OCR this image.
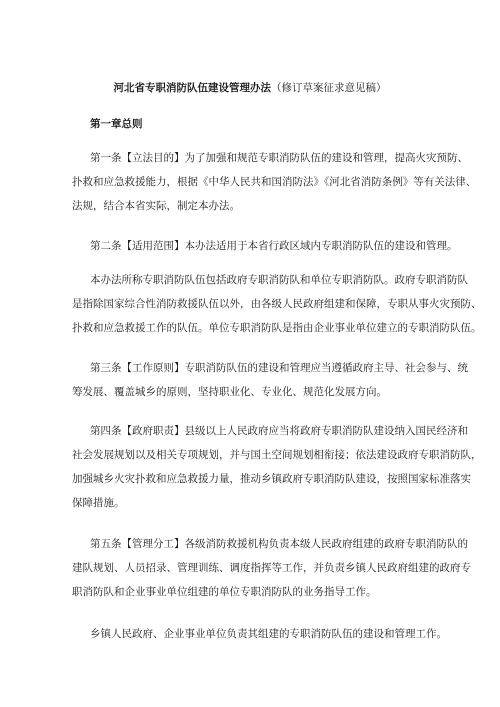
河北省专职消防队伍建设管理办法（修订草案征求意见稿）
第一章总则

第一条【立法目的】为了加强和规范专职消防队伍的建设和管理，提高火灾预防、
扑救和应急救援能力，根据《中华人民共和国消防法》《河北省消防条例》等有关法律、
法规，结合本省实际，制定本办法。

第二条【适用范围】本办法适用于本省行政区域内专职消防队伍的建设和管理。

本办法所称专职消防队伍包括政府专职消防队和单位专职消防队。政府专职消防队
是指除国家综合性消防救援队伍以外，由各级人民政府组建和保障，专职从事火灾预防、
扑救和应急救援工作的队伍。单位专职消防队是指由企业事业单位建立的专职消防队伍。

第三条【工作原则】专职消防队伍的建设和管理应当遵循政府主导、社会参与、统
筹发展、覆盖城乡的原则，坚持职业化、专业化、规范化发展方向。

第四条【政府职责】县级以上人民政府应当将政府专职消防队建设纳入国民经济和
社会发展规划以及相关专项规划，并与国土空间规划相衔接；依法建设政府专职消防队，
加强城乡火灾扑救和应急救援力量，推动乡镇政府专职消防队建设，按照国家标准落实
保障措施。

第五条【管理分工】各级消防救援机构负责本级人民政府组建的政府专职消防队的
建队规划、人员招录、管理训练、调度指挥等工作，并负责乡镇人民政府组建的政府专
职消防队和企业事业单位组建的单位专职消防队的业务指导工作。

乡镇人民政府、企业事业单位负责其组建的专职消防队伍的建设和管理工作。
